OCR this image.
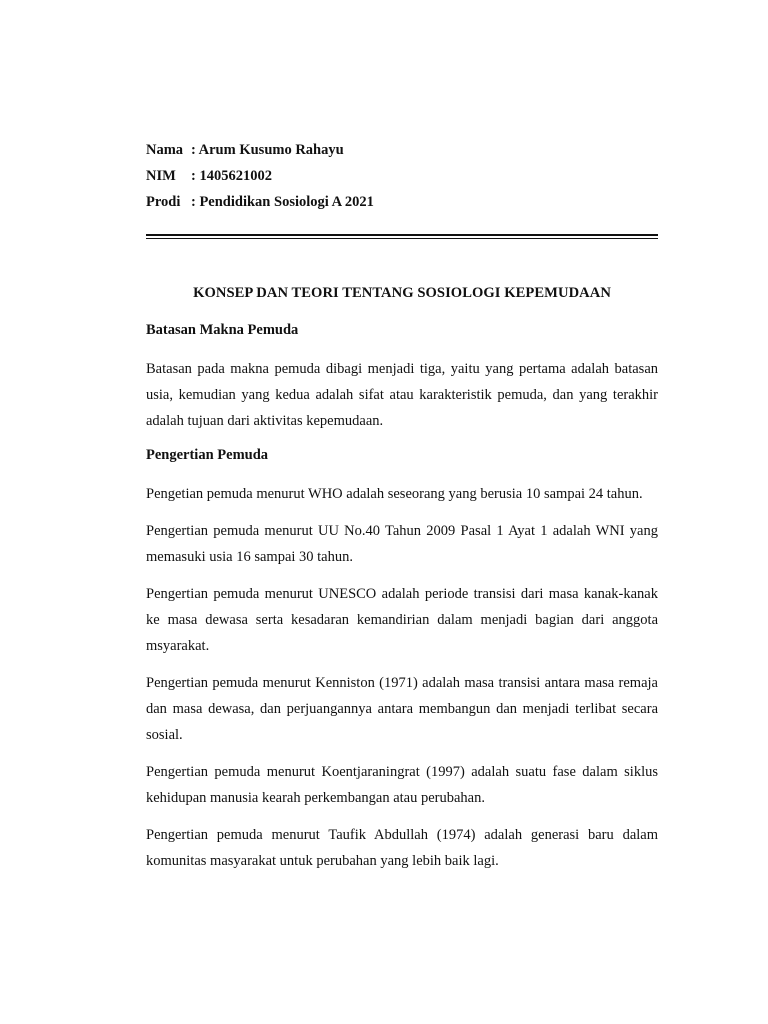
Nama	: Arum Kusumo Rahayu
NIM	: 1405621002
Prodi	: Pendidikan Sosiologi A 2021
KONSEP DAN TEORI TENTANG SOSIOLOGI KEPEMUDAAN
Batasan Makna Pemuda

Batasan pada makna pemuda dibagi menjadi tiga, yaitu yang pertama adalah batasan usia, kemudian yang kedua adalah sifat atau karakteristik pemuda, dan yang terakhir adalah tujuan dari aktivitas kepemudaan.

Pengertian Pemuda

Pengetian pemuda menurut WHO adalah seseorang yang berusia 10 sampai 24 tahun.

Pengertian pemuda menurut UU No.40 Tahun 2009 Pasal 1 Ayat 1 adalah WNI yang memasuki usia 16 sampai 30 tahun.

Pengertian pemuda menurut UNESCO adalah periode transisi dari masa kanak-kanak ke masa dewasa serta kesadaran kemandirian dalam menjadi bagian dari anggota msyarakat.

Pengertian pemuda menurut Kenniston (1971) adalah masa transisi antara masa remaja dan masa dewasa, dan perjuangannya antara membangun dan menjadi terlibat secara sosial.

Pengertian pemuda menurut Koentjaraningrat (1997) adalah suatu fase dalam siklus kehidupan manusia kearah perkembangan atau perubahan.

Pengertian pemuda menurut Taufik Abdullah (1974) adalah generasi baru dalam komunitas masyarakat untuk perubahan yang lebih baik lagi.
